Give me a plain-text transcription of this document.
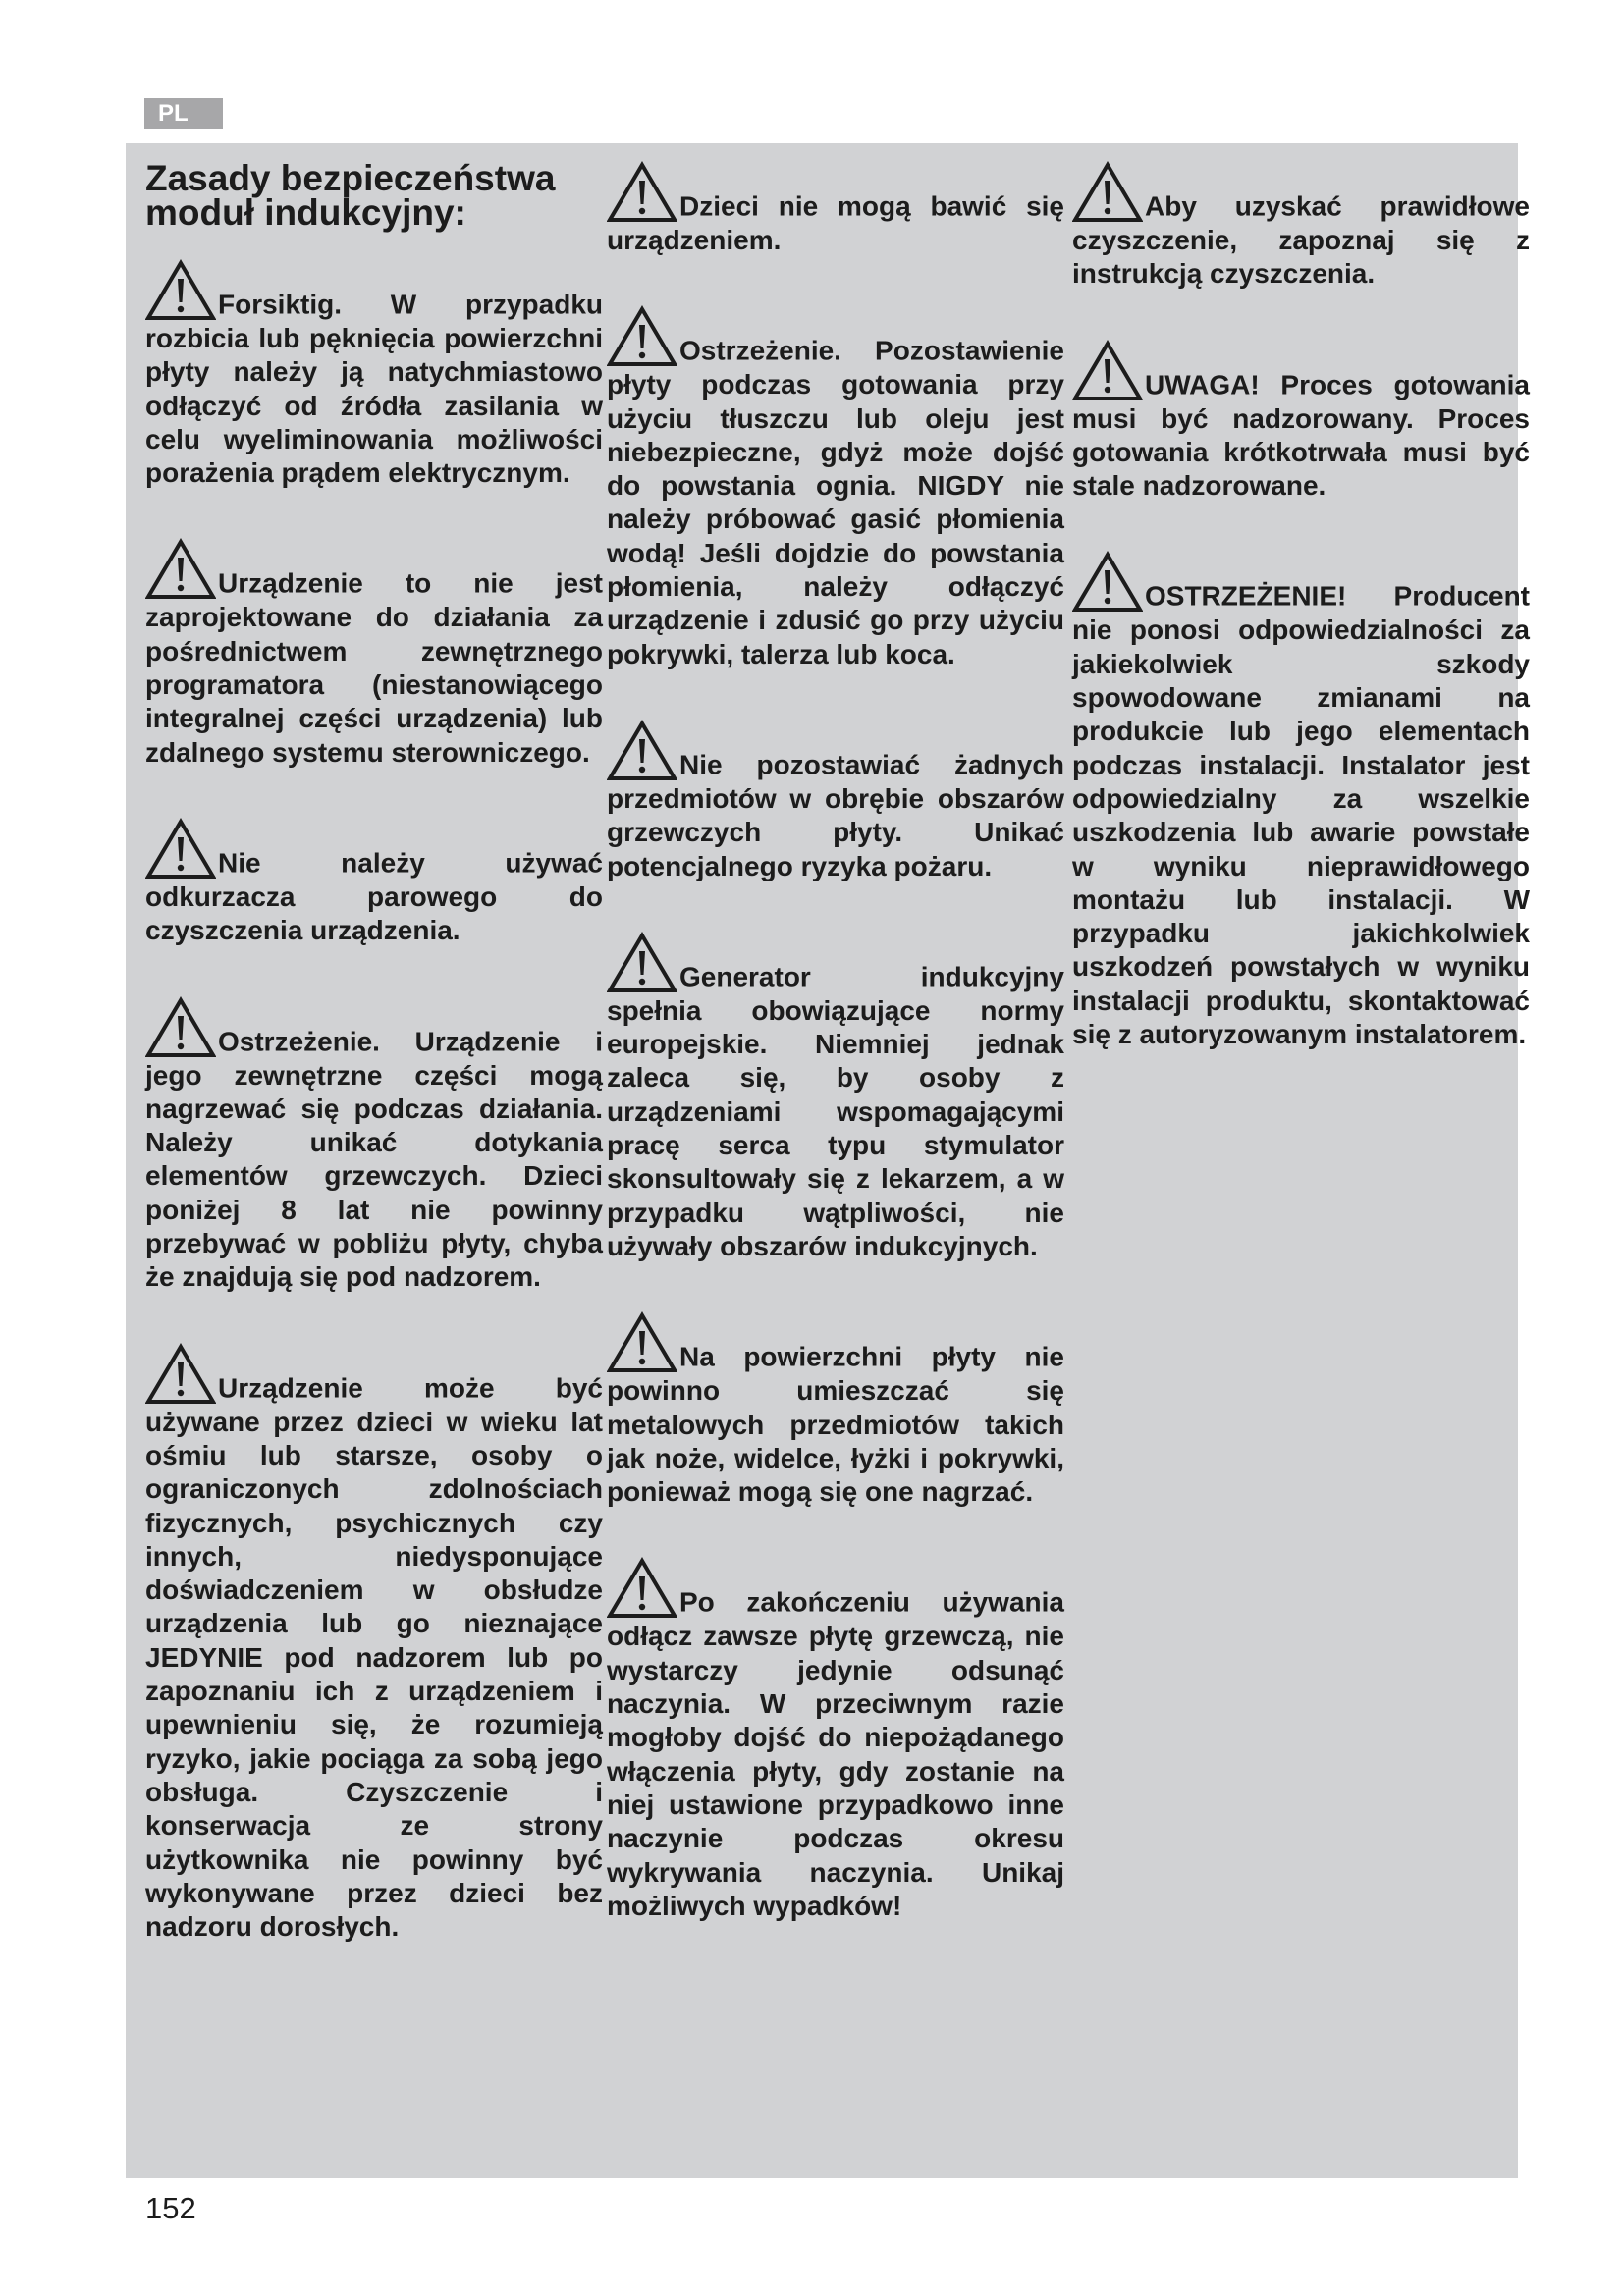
PL
Zasady bezpieczeństwa moduł indukcyjny:
Forsiktig. W przypadku rozbicia lub pęknięcia powierzchni płyty należy ją natychmiastowo odłączyć od źródła zasilania w celu wyeliminowania możliwości porażenia prądem elektrycznym.
Urządzenie to nie jest zaprojektowane do działania za pośrednictwem zewnętrznego programatora (niestanowiącego integralnej części urządzenia) lub zdalnego systemu sterowniczego.
Nie należy używać odkurzacza parowego do czyszczenia urządzenia.
Ostrzeżenie. Urządzenie i jego zewnętrzne części mogą nagrzewać się podczas działania. Należy unikać dotykania elementów grzewczych. Dzieci poniżej 8 lat nie powinny przebywać w pobliżu płyty, chyba że znajdują się pod nadzorem.
Urządzenie może być używane przez dzieci w wieku lat ośmiu lub starsze, osoby o ograniczonych zdolnościach fizycznych, psychicznych czy innych, niedysponujące doświadczeniem w obsłudze urządzenia lub go nieznające JEDYNIE pod nadzorem lub po zapoznaniu ich z urządzeniem i upewnieniu się, że rozumieją ryzyko, jakie pociąga za sobą jego obsługa. Czyszczenie i konserwacja ze strony użytkownika nie powinny być wykonywane przez dzieci bez nadzoru dorosłych.
Dzieci nie mogą bawić się urządzeniem.
Ostrzeżenie. Pozostawienie płyty podczas gotowania przy użyciu tłuszczu lub oleju jest niebezpieczne, gdyż może dojść do powstania ognia. NIGDY nie należy próbować gasić płomienia wodą! Jeśli dojdzie do powstania płomienia, należy odłączyć urządzenie i zdusić go przy użyciu pokrywki, talerza lub koca.
Nie pozostawiać żadnych przedmiotów w obrębie obszarów grzewczych płyty. Unikać potencjalnego ryzyka pożaru.
Generator indukcyjny spełnia obowiązujące normy europejskie. Niemniej jednak zaleca się, by osoby z urządzeniami wspomagającymi pracę serca typu stymulator skonsultowały się z lekarzem, a w przypadku wątpliwości, nie używały obszarów indukcyjnych.
Na powierzchni płyty nie powinno umieszczać się metalowych przedmiotów takich jak noże, widelce, łyżki i pokrywki, ponieważ mogą się one nagrzać.
Po zakończeniu używania odłącz zawsze płytę grzewczą, nie wystarczy jedynie odsunąć naczynia. W przeciwnym razie mogłoby dojść do niepożądanego włączenia płyty, gdy zostanie na niej ustawione przypadkowo inne naczynie podczas okresu wykrywania naczynia. Unikaj możliwych wypadków!
Aby uzyskać prawidłowe czyszczenie, zapoznaj się z instrukcją czyszczenia.
UWAGA! Proces gotowania musi być nadzorowany. Proces gotowania krótkotrwała musi być stale nadzorowane.
OSTRZEŻENIE! Producent nie ponosi odpowiedzialności za jakiekolwiek szkody spowodowane zmianami na produkcie lub jego elementach podczas instalacji. Instalator jest odpowiedzialny za wszelkie uszkodzenia lub awarie powstałe w wyniku nieprawidłowego montażu lub instalacji. W przypadku jakichkolwiek uszkodzeń powstałych w wyniku instalacji produktu, skontaktować się z autoryzowanym instalatorem.
152
